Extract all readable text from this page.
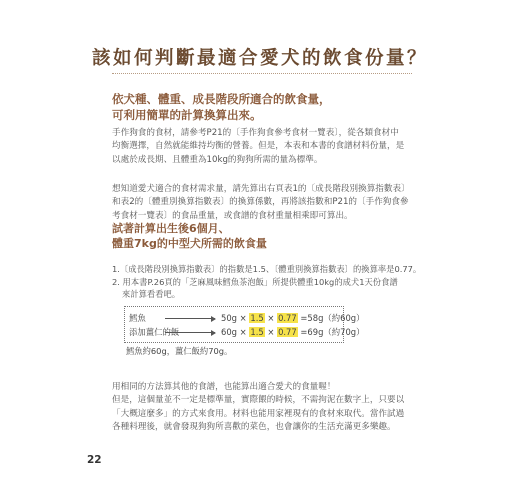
該如何判斷最適合愛犬的飲食份量？
依犬種、體重、成長階段所適合的飲食量，
可利用簡單的計算換算出來。

手作狗食的食材，請參考P21的〔手作狗食參考食材一覽表〕，從各類食材中

均衡選擇，自然就能維持均衡的營養。但是，本表和本書的食譜材料份量，是

以處於成長期、且體重為10kg的狗狗所需的量為標準。

想知道愛犬適合的食材需求量，請先算出右頁表1的〔成長階段別換算指數表〕

和表2的〔體重別換算指數表〕的換算係數，再將該指數和P21的〔手作狗食參

考食材一覽表〕的食品重量，或食譜的食材重量相乘即可算出。

試著計算出生後6個月、
體重7kg的中型犬所需的飲食量

1.〔成長階段別換算指數表〕的指數是1.5、〔體重別換算指數表〕的換算率是0.77。

2. 用本書P.26頁的「芝麻風味鱈魚茶泡飯」所提供體重10kg的成犬1天份食譜

來計算看看吧。

鱈魚	50g × 1.5 × 0.77 =58g（約60g）
添加薑仁的飯	60g × 1.5 × 0.77 =69g（約70g）
鱈魚約60g，薑仁飯約70g。

用相同的方法算其他的食譜，也能算出適合愛犬的食量喔！

但是，這個量並不一定是標準量，實際餵的時候，不需拘泥在數字上，只要以

「大概這麼多」的方式來食用。材料也能用家裡現有的食材來取代。當作試過

各種料理後，就會發現狗狗所喜歡的菜色，也會讓你的生活充滿更多樂趣。

22
